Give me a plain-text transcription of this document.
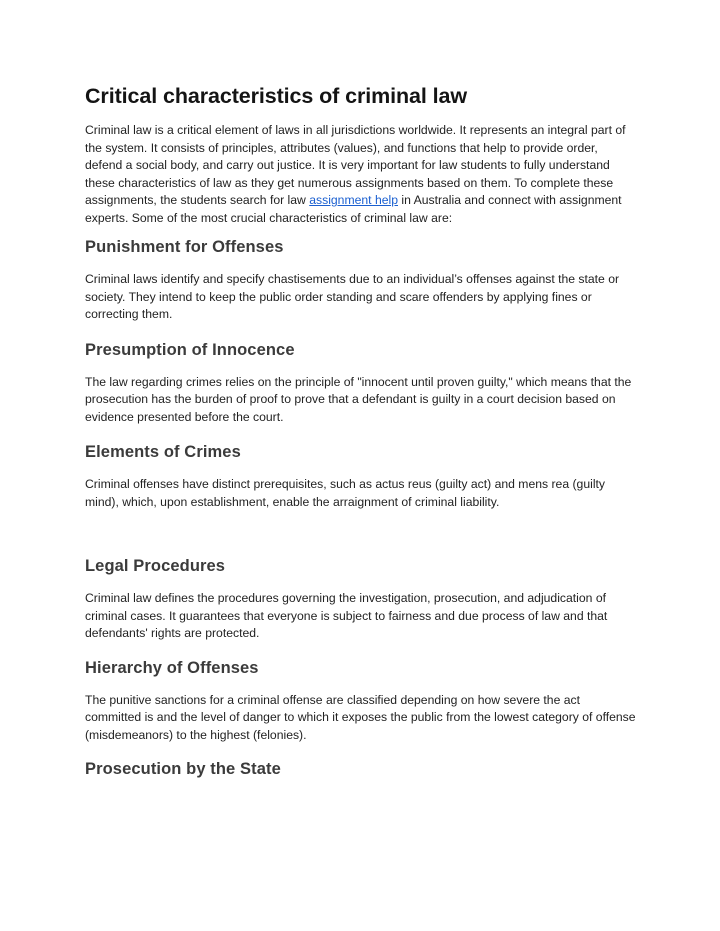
Critical characteristics of criminal law

Criminal law is a critical element of laws in all jurisdictions worldwide. It represents an integral part of the system. It consists of principles, attributes (values), and functions that help to provide order, defend a social body, and carry out justice. It is very important for law students to fully understand these characteristics of law as they get numerous assignments based on them. To complete these assignments, the students search for law assignment help in Australia and connect with assignment experts. Some of the most crucial characteristics of criminal law are:

Punishment for Offenses

Criminal laws identify and specify chastisements due to an individual’s offenses against the state or society. They intend to keep the public order standing and scare offenders by applying fines or correcting them.

Presumption of Innocence

The law regarding crimes relies on the principle of "innocent until proven guilty," which means that the prosecution has the burden of proof to prove that a defendant is guilty in a court decision based on evidence presented before the court.

Elements of Crimes

Criminal offenses have distinct prerequisites, such as actus reus (guilty act) and mens rea (guilty mind), which, upon establishment, enable the arraignment of criminal liability.

Legal Procedures

Criminal law defines the procedures governing the investigation, prosecution, and adjudication of criminal cases. It guarantees that everyone is subject to fairness and due process of law and that defendants' rights are protected.

Hierarchy of Offenses

The punitive sanctions for a criminal offense are classified depending on how severe the act committed is and the level of danger to which it exposes the public from the lowest category of offense (misdemeanors) to the highest (felonies).

Prosecution by the State
